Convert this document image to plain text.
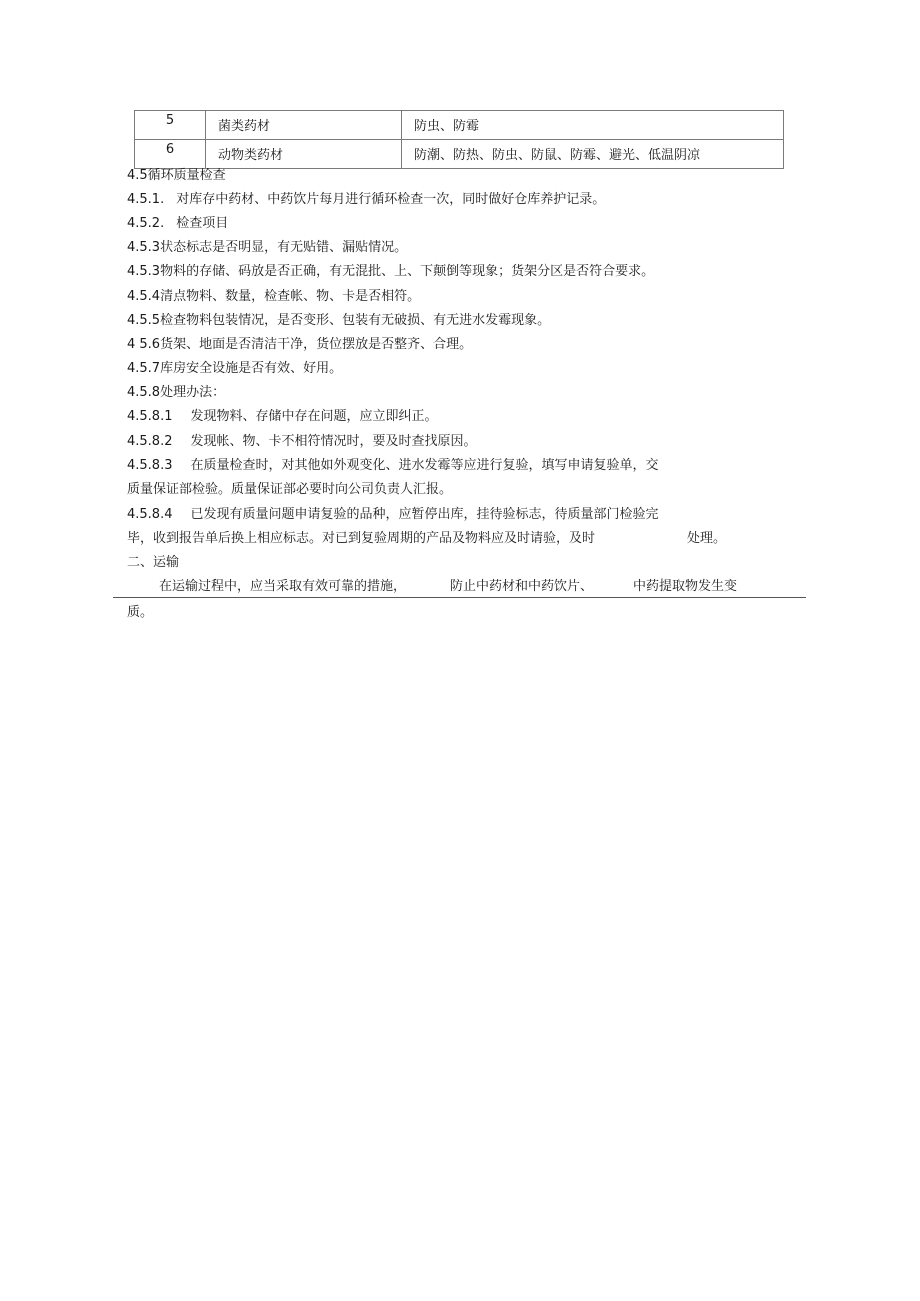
5	菌类药材	防虫、防霉
6	动物类药材	防潮、防热、防虫、防鼠、防霉、避光、低温阴凉
4.5循环质量检查
4.5.1. 对库存中药材、中药饮片每月进行循环检查一次，同时做好仓库养护记录。
4.5.2. 检查项目
4.5.3状态标志是否明显，有无贴错、漏贴情况。
4.5.3物料的存储、码放是否正确，有无混批、上、下颠倒等现象；货架分区是否符合要求。
4.5.4清点物料、数量，检查帐、物、卡是否相符。
4.5.5检查物料包装情况，是否变形、包装有无破损、有无进水发霉现象。
4 5.6货架、地面是否清洁干净，货位摆放是否整齐、合理。
4.5.7库房安全设施是否有效、好用。
4.5.8处理办法：
4.5.8.1 发现物料、存储中存在问题，应立即纠正。
4.5.8.2 发现帐、物、卡不相符情况时，要及时查找原因。
4.5.8.3 在质量检查时，对其他如外观变化、进水发霉等应进行复验，填写申请复验单，交
质量保证部检验。质量保证部必要时向公司负责人汇报。
4.5.8.4 已发现有质量问题申请复验的品种，应暂停出库，挂待验标志，待质量部门检验完
毕，收到报告单后换上相应标志。对已到复验周期的产品及物料应及时请验，及时	处理。
二、运输
在运输过程中，应当采取有效可靠的措施，	防止中药材和中药饮片、	中药提取物发生变
质。
